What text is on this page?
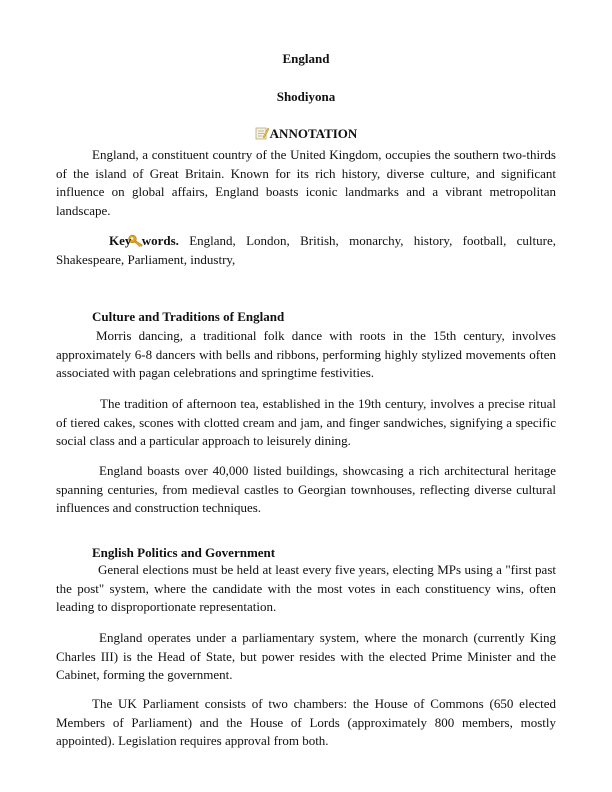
England
Shodiyona
ANNOTATION
England, a constituent country of the United Kingdom, occupies the southern two-thirds of the island of Great Britain. Known for its rich history, diverse culture, and significant influence on global affairs, England boasts iconic landmarks and a vibrant metropolitan landscape.
Key words. England, London, British, monarchy, history, football, culture, Shakespeare, Parliament, industry,
Culture and Traditions of England
Morris dancing, a traditional folk dance with roots in the 15th century, involves approximately 6-8 dancers with bells and ribbons, performing highly stylized movements often associated with pagan celebrations and springtime festivities.
The tradition of afternoon tea, established in the 19th century, involves a precise ritual of tiered cakes, scones with clotted cream and jam, and finger sandwiches, signifying a specific social class and a particular approach to leisurely dining.
England boasts over 40,000 listed buildings, showcasing a rich architectural heritage spanning centuries, from medieval castles to Georgian townhouses, reflecting diverse cultural influences and construction techniques.
English Politics and Government
General elections must be held at least every five years, electing MPs using a "first past the post" system, where the candidate with the most votes in each constituency wins, often leading to disproportionate representation.
England operates under a parliamentary system, where the monarch (currently King Charles III) is the Head of State, but power resides with the elected Prime Minister and the Cabinet, forming the government.
The UK Parliament consists of two chambers: the House of Commons (650 elected Members of Parliament) and the House of Lords (approximately 800 members, mostly appointed). Legislation requires approval from both.
